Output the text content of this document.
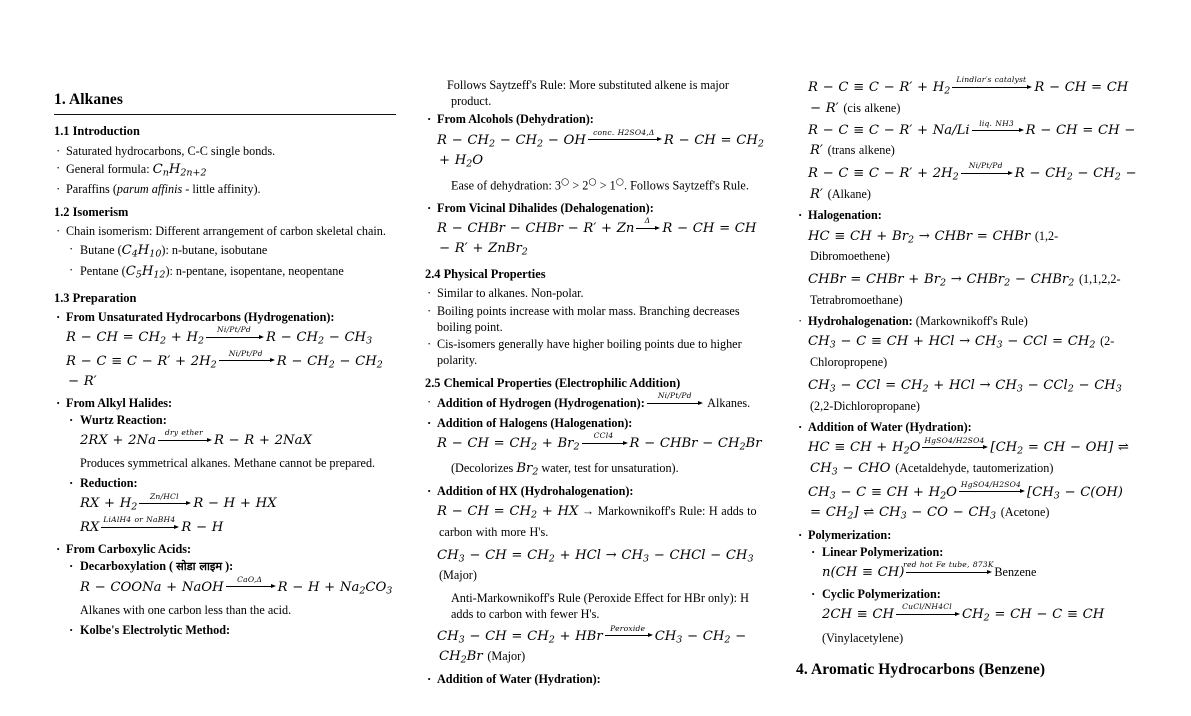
1. Alkanes
1.1 Introduction
· Saturated hydrocarbons, C-C single bonds.
· General formula: $C_nH_{2n+2}$
· Paraffins (parum affinis - little affinity).
1.2 Isomerism
· Chain isomerism: Different arrangement of carbon skeletal chain.
· Butane $(C_4H_{10})$: n-butane, isobutane
· Pentane $(C_5H_{12})$: n-pentane, isopentane, neopentane
1.3 Preparation
· From Unsaturated Hydrocarbons (Hydrogenation):
R − CH = $CH_2 + H_2$
Ni/Pt/Pd
$R - CH_2 - CH_3$
$R - C \equiv C - R' + 2H_2$
Ni/Pt/Pd
$R - CH_2 - CH_2 - R'$
· From Alkyl Halides:
· Wurtz Reaction:
2RX + 2Na
dry ether
R − R + 2NaX
Produces symmetrical alkanes. Methane cannot be prepared.
· Reduction:
RX + $H_2$
Zn/HCl
R − H + HX
RX
LiAlH4 or NaBH4
R − H
· From Carboxylic Acids:
· Decarboxylation ( सोडा लाइम ):
R − COONa + NaOH
CaO,Δ
$R - H + Na_2CO_3$
Alkanes with one carbon less than the acid.
· Kolbe's Electrolytic Method:
Follows Saytzeff's Rule: More substituted alkene is major product.
· From Alcohols (Dehydration):
$R - CH_2 - CH_2$ − OH
conc. H2SO4,Δ
R − CH = $CH_2 + H_2O$
Ease of dehydration: 3○ > 2○ > 1○. Follows Saytzeff's Rule.
· From Vicinal Dihalides (Dehalogenation):
R − CHBr − CHBr − R′ + Zn
Δ
R − CH = CH − R′ + ZnBr$_2$
2.4 Physical Properties
· Similar to alkanes. Non-polar.
· Boiling points increase with molar mass. Branching decreases boiling point.
· Cis-isomers generally have higher boiling points due to higher polarity.
2.5 Chemical Properties (Electrophilic Addition)
· Addition of Hydrogen (Hydrogenation):
Ni/Pt/Pd
Alkanes.
· Addition of Halogens (Halogenation):
R − CH = $CH_2 + Br_2$
CCl4
R − CHBr − $CH_2Br$
(Decolorizes $Br_2$ water, test for unsaturation).
· Addition of HX (Hydrohalogenation):
R − CH = $CH_2$ + HX → Markownikoff's Rule: H adds to carbon with more H's.
$CH_3$ − CH = $CH_2$ + HCl → $CH_3$ − CHCl − $CH_3$ (Major)
Anti-Markownikoff's Rule (Peroxide Effect for HBr only): H adds to carbon with fewer H's.
$CH_3$ − CH = $CH_2$ + HBr
Peroxide
$CH_3 - CH_2 - CH_2Br$ (Major)
· Addition of Water (Hydration):
$R - C \equiv C - R' + H_2$
Lindlar′s catalyst
R − CH = CH − R′ (cis alkene)
R − C ≡ C − R′ + Na/Li
liq. NH3
R − CH = CH − R′ (trans alkene)
$R - C \equiv C - R' + 2H_2$
Ni/Pt/Pd
$R - CH_2 - CH_2 - R'$ (Alkane)
· Halogenation:
HC ≡ CH + $Br_2$ → CHBr = CHBr (1,2-Dibromoethene)
CHBr = CHBr + $Br_2$ → CHBr$_2$ − CHBr$_2$ (1,1,2,2-Tetrabromoethane)
· Hydrohalogenation: (Markownikoff's Rule)
$CH_3 - C$ ≡ CH + HCl → $CH_3$ − CCl = $CH_2$ (2-Chloropropene)
$CH_3$ − CCl = $CH_2$ + HCl → $CH_3 - CCl_2 - CH_3$ (2,2-Dichloropropane)
· Addition of Water (Hydration):
HC ≡ CH + $H_2O$
HgSO4/H2SO4
[$CH_2$ = CH − OH] ⇌ $CH_3$ − CHO (Acetaldehyde, tautomerization)
$CH_3 - C$ ≡ CH + $H_2O$
HgSO4/H2SO4
$[CH_3 - C(OH) = CH_2]$ ⇌ $CH_3$ − CO − $CH_3$ (Acetone)
· Polymerization:
· Linear Polymerization:
n(CH ≡ CH)
red hot Fe tube, 873K
Benzene
· Cyclic Polymerization:
2CH ≡ CH
CuCl/NH4Cl
$CH_2$ = CH − C ≡ CH
(Vinylacetylene)
4. Aromatic Hydrocarbons (Benzene)
